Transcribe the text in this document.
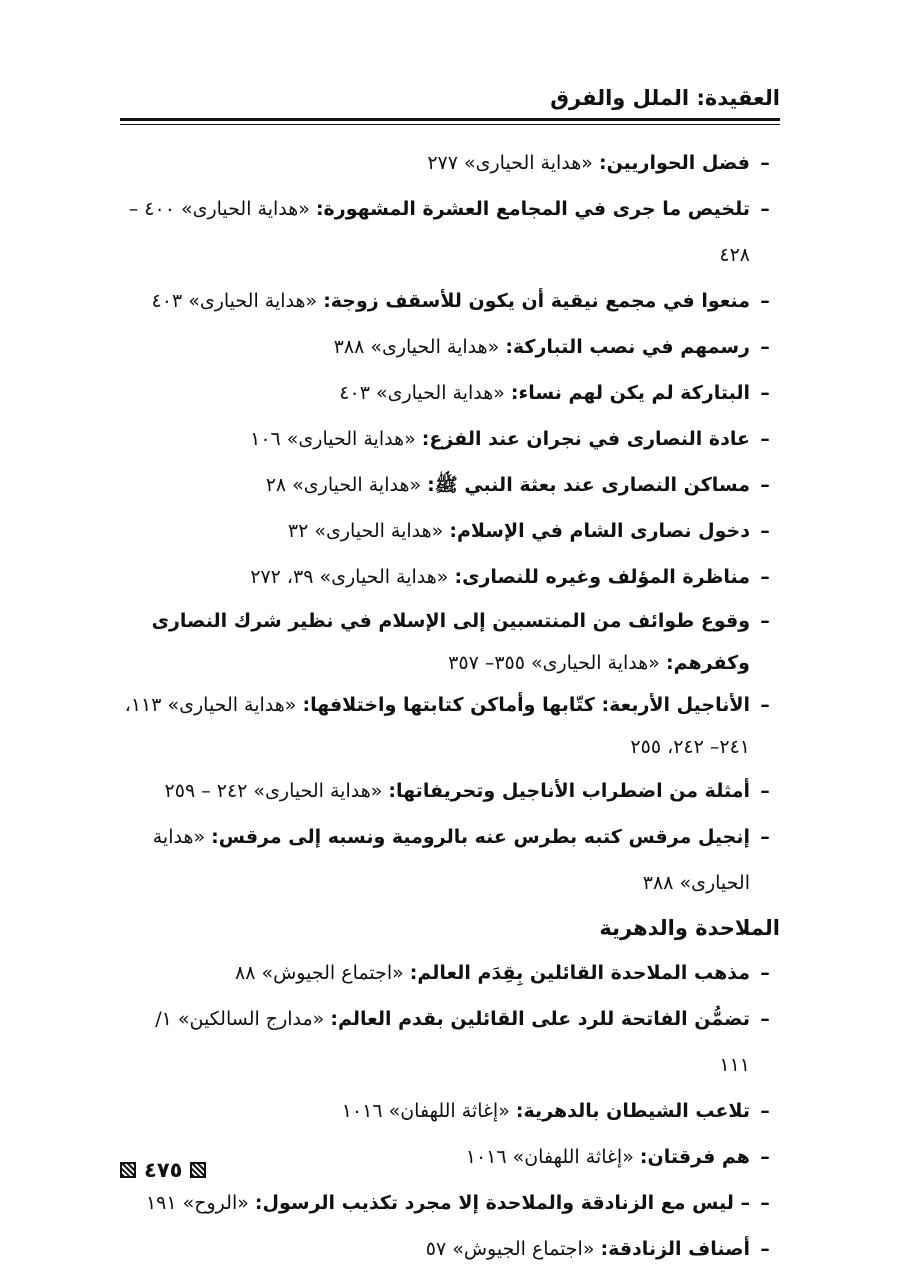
العقيدة: الملل والفرق
–
فضل الحواريين: «هداية الحيارى» ٢٧٧
–
تلخيص ما جرى في المجامع العشرة المشهورة: «هداية الحيارى» ٤٠٠ – ٤٢٨
–
منعوا في مجمع نيقية أن يكون للأسقف زوجة: «هداية الحيارى» ٤٠٣
–
رسمهم في نصب التباركة: «هداية الحيارى» ٣٨٨
–
البتاركة لم يكن لهم نساء: «هداية الحيارى» ٤٠٣
–
عادة النصارى في نجران عند الفزع: «هداية الحيارى» ١٠٦
–
مساكن النصارى عند بعثة النبي ﷺ: «هداية الحيارى» ٢٨
–
دخول نصارى الشام في الإسلام: «هداية الحيارى» ٣٢
–
مناظرة المؤلف وغيره للنصارى: «هداية الحيارى» ٣٩، ٢٧٢
–
وقوع طوائف من المنتسبين إلى الإسلام في نظير شرك النصارى وكفرهم: «هداية الحيارى» ٣٥٥– ٣٥٧
–
الأناجيل الأربعة: كتّابها وأماكن كتابتها واختلافها: «هداية الحيارى» ١١٣، ٢٤١– ٢٤٢، ٢٥٥
–
أمثلة من اضطراب الأناجيل وتحريفاتها: «هداية الحيارى» ٢٤٢ – ٢٥٩
–
إنجيل مرقس كتبه بطرس عنه بالرومية ونسبه إلى مرقس: «هداية الحيارى» ٣٨٨
الملاحدة والدهرية
–
مذهب الملاحدة القائلين بِقِدَم العالم: «اجتماع الجيوش» ٨٨
–
تضمُّن الفاتحة للرد على القائلين بقدم العالم: «مدارج السالكين» ١/ ١١١
–
تلاعب الشيطان بالدهرية: «إغاثة اللهفان» ١٠١٦
–
هم فرقتان: «إغاثة اللهفان» ١٠١٦
–
– ليس مع الزنادقة والملاحدة إلا مجرد تكذيب الرسول: «الروح» ١٩١
–
أصناف الزنادقة: «اجتماع الجيوش» ٥٧
٤٧٥
